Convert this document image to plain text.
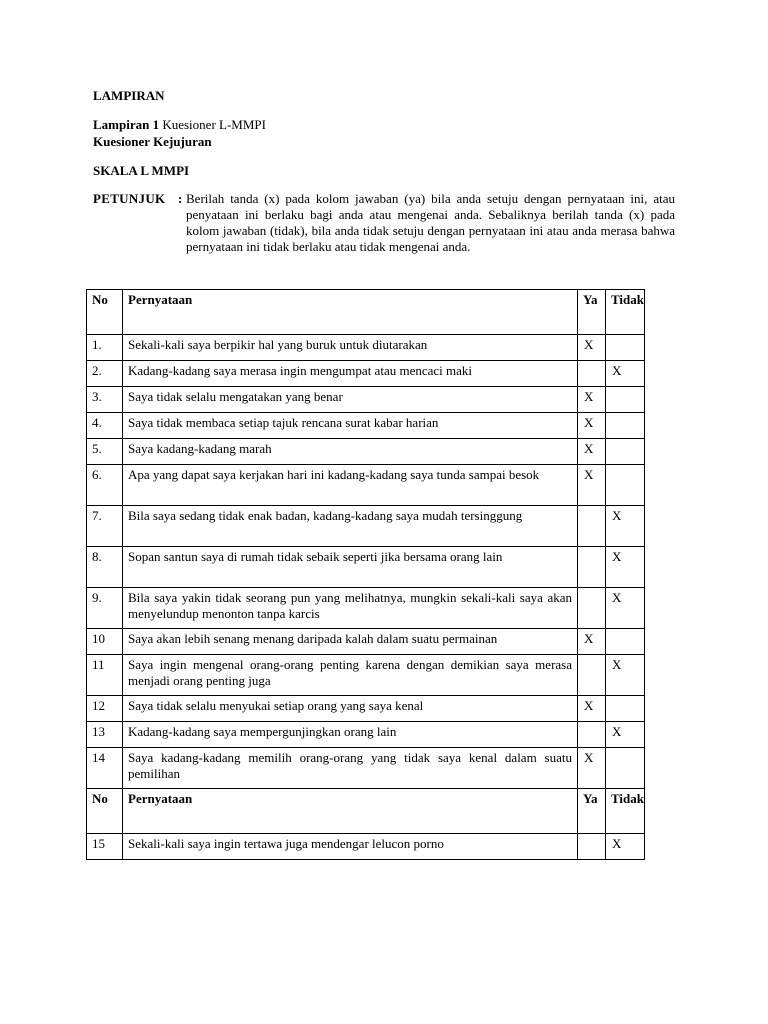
LAMPIRAN
Lampiran 1 Kuesioner L-MMPI
Kuesioner Kejujuran
SKALA L MMPI
PETUNJUK : Berilah tanda (x) pada kolom jawaban (ya) bila anda setuju dengan pernyataan ini, atau penyataan ini berlaku bagi anda atau mengenai anda. Sebaliknya berilah tanda (x) pada kolom jawaban (tidak), bila anda tidak setuju dengan pernyataan ini atau anda merasa bahwa pernyataan ini tidak berlaku atau tidak mengenai anda.
No	Pernyataan	Ya	Tidak
1.	Sekali-kali saya berpikir hal yang buruk untuk diutarakan	X	
2.	Kadang-kadang saya merasa ingin mengumpat atau mencaci maki		X
3.	Saya tidak selalu mengatakan yang benar	X	
4.	Saya tidak membaca setiap tajuk rencana surat kabar harian	X	
5.	Saya kadang-kadang marah	X	
6.	Apa yang dapat saya kerjakan hari ini kadang-kadang saya tunda sampai besok	X	
7.	Bila saya sedang tidak enak badan, kadang-kadang saya mudah tersinggung		X
8.	Sopan santun saya di rumah tidak sebaik seperti jika bersama orang lain		X
9.	Bila saya yakin tidak seorang pun yang melihatnya, mungkin sekali-kali saya akan menyelundup menonton tanpa karcis		X
10	Saya akan lebih senang menang daripada kalah dalam suatu permainan	X	
11	Saya ingin mengenal orang-orang penting karena dengan demikian saya merasa menjadi orang penting juga		X
12	Saya tidak selalu menyukai setiap orang yang saya kenal	X	
13	Kadang-kadang saya mempergunjingkan orang lain		X
14	Saya kadang-kadang memilih orang-orang yang tidak saya kenal dalam suatu pemilihan	X	
No	Pernyataan	Ya	Tidak
15	Sekali-kali saya ingin tertawa juga mendengar lelucon porno		X
